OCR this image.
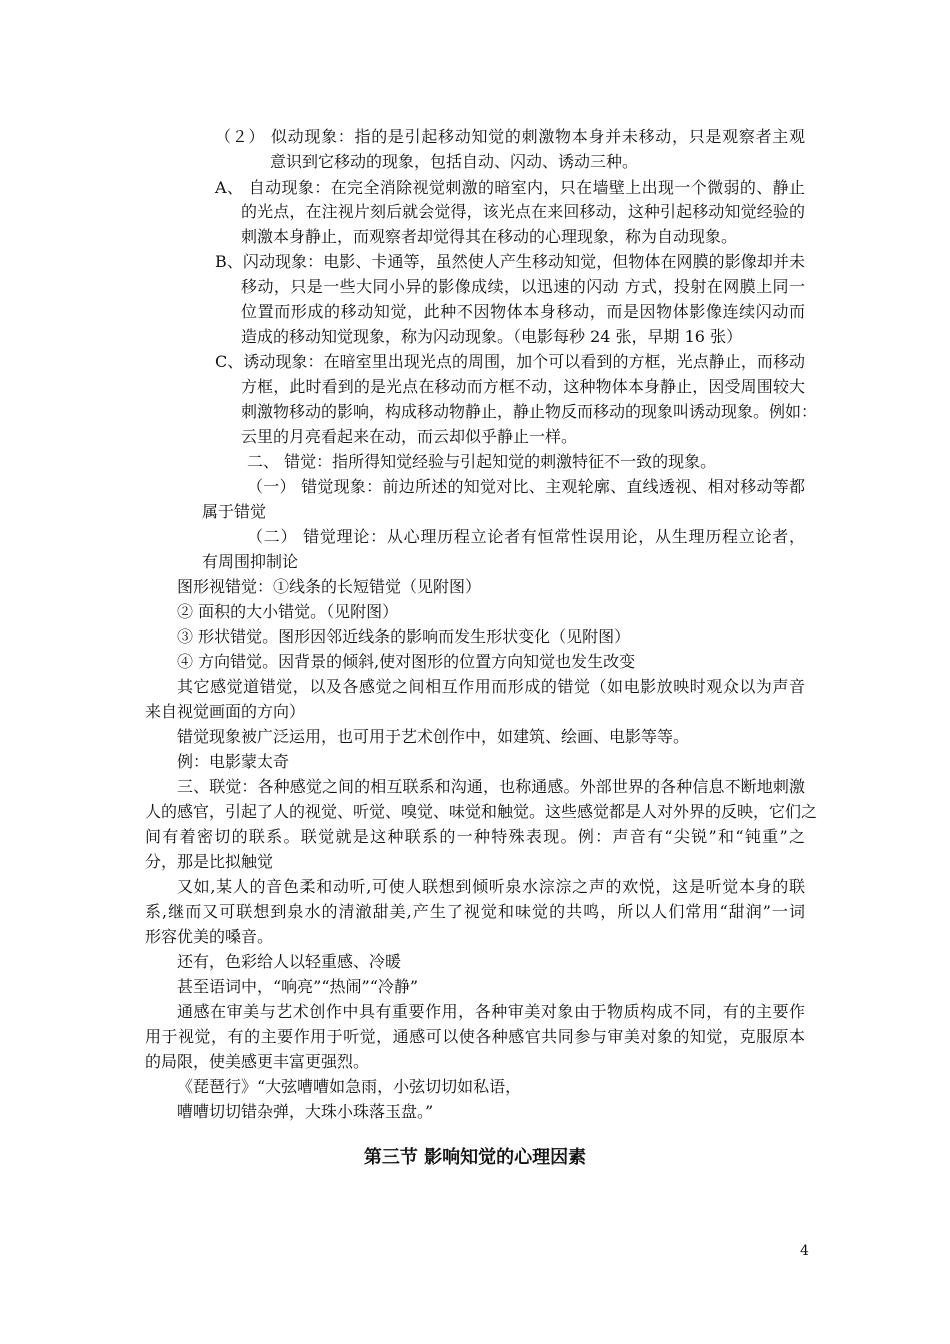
（２） 似动现象：指的是引起移动知觉的刺激物本身并未移动，只是观察者主观
意识到它移动的现象，包括自动、闪动、诱动三种。
A、 自动现象：在完全消除视觉刺激的暗室内，只在墙壁上出现一个微弱的、静止
的光点，在注视片刻后就会觉得，该光点在来回移动，这种引起移动知觉经验的
刺激本身静止，而观察者却觉得其在移动的心理现象，称为自动现象。
B、闪动现象：电影、卡通等，虽然使人产生移动知觉，但物体在网膜的影像却并未
移动，只是一些大同小异的影像成续，以迅速的闪动 方式，投射在网膜上同一
位置而形成的移动知觉，此种不因物体本身移动，而是因物体影像连续闪动而
造成的移动知觉现象，称为闪动现象。（电影每秒 24 张，早期 16 张）
C、诱动现象：在暗室里出现光点的周围，加个可以看到的方框，光点静止，而移动
方框，此时看到的是光点在移动而方框不动，这种物体本身静止，因受周围较大
刺激物移动的影响，构成移动物静止，静止物反而移动的现象叫诱动现象。例如：
云里的月亮看起来在动，而云却似乎静止一样。
二、 错觉：指所得知觉经验与引起知觉的刺激特征不一致的现象。
（一） 错觉现象：前边所述的知觉对比、主观轮廓、直线透视、相对移动等都
属于错觉
（二） 错觉理论：从心理历程立论者有恒常性误用论，从生理历程立论者，
有周围抑制论
图形视错觉：①线条的长短错觉（见附图）
② 面积的大小错觉。（见附图）
③ 形状错觉。图形因邻近线条的影响而发生形状变化（见附图）
④ 方向错觉。因背景的倾斜,使对图形的位置方向知觉也发生改变
其它感觉道错觉，以及各感觉之间相互作用而形成的错觉（如电影放映时观众以为声音
来自视觉画面的方向）
错觉现象被广泛运用，也可用于艺术创作中，如建筑、绘画、电影等等。
例：电影蒙太奇
三、联觉：各种感觉之间的相互联系和沟通，也称通感。外部世界的各种信息不断地刺激
人的感官，引起了人的视觉、听觉、嗅觉、味觉和触觉。这些感觉都是人对外界的反映，它们之
间有着密切的联系。联觉就是这种联系的一种特殊表现。例：声音有“尖锐”和“钝重”之
分，那是比拟触觉
又如,某人的音色柔和动听,可使人联想到倾听泉水淙淙之声的欢悦，这是听觉本身的联
系,继而又可联想到泉水的清澈甜美,产生了视觉和味觉的共鸣，所以人们常用“甜润”一词
形容优美的嗓音。
还有，色彩给人以轻重感、冷暖
甚至语词中，“响亮”“热闹”“冷静”
通感在审美与艺术创作中具有重要作用，各种审美对象由于物质构成不同，有的主要作
用于视觉，有的主要作用于听觉，通感可以使各种感官共同参与审美对象的知觉，克服原本
的局限，使美感更丰富更强烈。
《琵琶行》“大弦嘈嘈如急雨，小弦切切如私语，
嘈嘈切切错杂弹，大珠小珠落玉盘。”
第三节 影响知觉的心理因素
4
